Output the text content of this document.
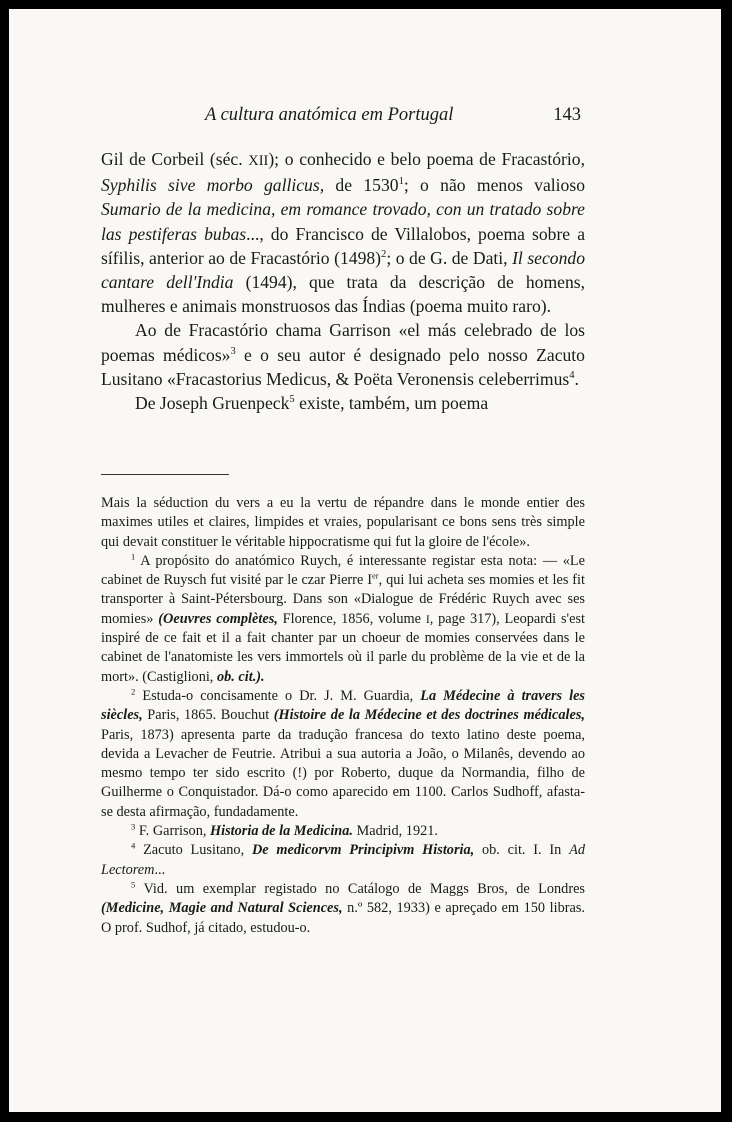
A cultura anatómica em Portugal	143

Gil de Corbeil (séc. XII); o conhecido e belo poema de Fracastório, Syphilis sive morbo gallicus, de 1530$^1$; o não menos valioso Sumario de la medicina, em romance trovado, con un tratado sobre las pestiferas bubas..., do Francisco de Villalobos, poema sobre a sífilis, anterior ao de Fracastório $(1498)^2$; o de G. de Dati, Il secondo cantare dell'India (1494), que trata da descrição de homens, mulheres e animais monstruosos das Índias (poema muito raro).

Ao de Fracastório chama Garrison «el más celebrado de los poemas médicos»$^3$ e o seu autor é designado pelo nosso Zacuto Lusitano «Fracastorius Medicus, & Poëta Veronensis celeberrimus$^4$.

De Joseph Gruenpeck$^5$ existe, também, um poema

Mais la séduction du vers a eu la vertu de répandre dans le monde entier des maximes utiles et claires, limpides et vraies, popularisant ce bons sens très simple qui devait constituer le véritable hippocratisme qui fut la gloire de l'école».

$^1$ A propósito do anatómico Ruych, é interessante registar esta nota: — «Le cabinet de Ruysch fut visité par le czar Pierre Ier, qui lui acheta ses momies et les fit transporter à Saint-Pétersbourg. Dans son «Dialogue de Frédéric Ruych avec ses momies» (Oeuvres complètes, Florence, 1856, volume I, page 317), Leopardi s'est inspiré de ce fait et il a fait chanter par un choeur de momies conservées dans le cabinet de l'anatomiste les vers immortels où il parle du problème de la vie et de la mort». (Castiglioni, ob. cit.).

$^2$ Estuda-o concisamente o Dr. J. M. Guardia, La Médecine à travers les siècles, Paris, 1865. Bouchut (Histoire de la Médecine et des doctrines médicales, Paris, 1873) apresenta parte da tradução francesa do texto latino deste poema, devida a Levacher de Feutrie. Atribui a sua autoria a João, o Milanês, devendo ao mesmo tempo ter sido escrito (!) por Roberto, duque da Normandia, filho de Guilherme o Conquistador. Dá-o como aparecido em 1100. Carlos Sudhoff, afasta-se desta afirmação, fundadamente.

$^3$ F. Garrison, Historia de la Medicina. Madrid, 1921.

$^4$ Zacuto Lusitano, De medicorvm Principivm Historia, ob. cit. I. In Ad Lectorem...

$^5$ Vid. um exemplar registado no Catálogo de Maggs Bros, de Londres (Medicine, Magie and Natural Sciences, n.º 582, 1933) e apreçado em 150 libras. O prof. Sudhof, já citado, estudou-o.
